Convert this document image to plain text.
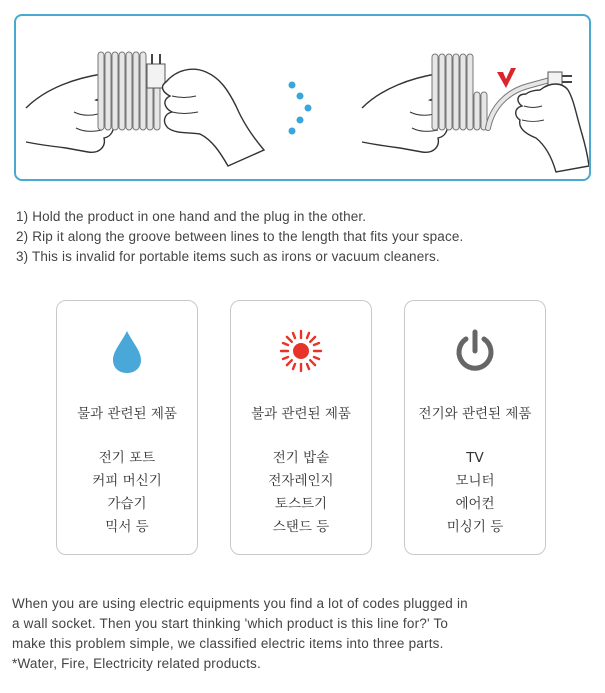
1) Hold the product in one hand and the plug in the other.
2) Rip it along the groove between lines to the length that fits your space.
3) This is invalid for portable items such as irons or vacuum cleaners.
물과 관련된 제품
전기 포트
커피 머신기
가습기
믹서 등
불과 관련된 제품
전기 밥솥
전자레인지
토스트기
스탠드 등
전기와 관련된 제품
TV
모니터
에어컨
미싱기 등
When you are using electric equipments you find a lot of codes plugged in
a wall socket. Then you start thinking 'which product is this line for?' To
make this problem simple, we classified electric items into three parts.
*Water, Fire, Electricity related products.
